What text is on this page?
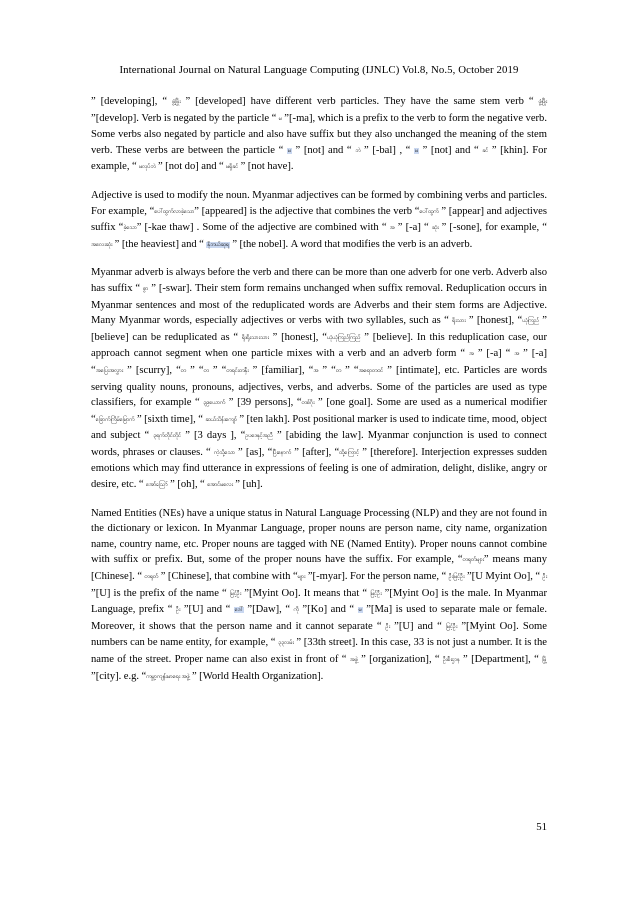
International Journal on Natural Language Computing (IJNLC) Vol.8, No.5, October 2019

” [developing], “ ဖွံ့ဖြိုး ” [developed] have different verb particles. They have the same stem verb “ ဖွံ့ဖြိုး ”[develop]. Verb is negated by the particle “ မ ”[-ma], which is a prefix to the verb to form the negative verb. Some verbs also negated by particle and also have suffix but they also unchanged the meaning of the stem verb. These verbs are between the particle “ မ ” [not] and “ ဘဲ ” [-bal] , “ မ ” [not] and “ ခင် ” [khin]. For example, “ မလုပ်ဘဲ ” [not do] and “ မရှိခင် ” [not have].

Adjective is used to modify the noun. Myanmar adjectives can be formed by combining verbs and particles. For example, “ပေါ်ထွက်လာခဲ့သော” [appeared] is the adjective that combines the verb “ပေါ်ထွက် ” [appear] and adjectives suffix “ခဲ့သော” [-kae thaw] . Some of the adjective are combined with “ အ ” [-a] “ ဆုံး ” [-sone], for example, “ အလေးဆုံး ” [the heaviest] and “ နိုဘယ်ဆုရ ” [the nobel]. A word that modifies the verb is an adverb.

Myanmar adverb is always before the verb and there can be more than one adverb for one verb. Adverb also has suffix “ စွာ ” [-swar]. Their stem form remains unchanged when suffix removal. Reduplication occurs in Myanmar sentences and most of the reduplicated words are Adverbs and their stem forms are Adjective. Many Myanmar words, especially adjectives or verbs with two syllables, such as “ ရိုးသား ” [honest], “ယုံကြည် ” [believe] can be reduplicated as “ ရိုးရိုးသားသား ” [honest], “ယုံယုံကြည်ကြည် ” [believe]. In this reduplication case, our approach cannot segment when one particle mixes with a verb and an adverb form “ အ ” [-a] “ အ ” [-a] “အပြေးအလွှား ” [scurry], “တ ” “တ ” “တရင်းတနှီး ” [familiar], “အ ” “တ ” “အရောတဝင် ” [intimate], etc. Particles are words serving quality nouns, pronouns, adjectives, verbs, and adverbs. Some of the particles are used as type classifiers, for example “ ၃၉ယောက် ” [39 persons], “တစ်ဂိုး ” [one goal]. Some are used as a numerical modifier “ခြောက်ကြိမ်မြောက် ” [sixth time], “ ဆယ်သိန်းကျော် ” [ten lakh]. Post positional marker is used to indicate time, mood, object and subject “ ၃ရက်တိုင်တိုင် ” [3 days ], “ဥပဒေနှင့်အညီ ” [abiding the law]. Myanmar conjunction is used to connect words, phrases or clauses. “ ကဲ့သို့သော ” [as], “ပြီးနောက် ” [after], “ထို့ကြောင့် ” [therefore]. Interjection expresses sudden emotions which may find utterance in expressions of feeling is one of admiration, delight, dislike, angry or desire, etc. “ အော်ဪ ” [oh], “ အောင်မလေး ” [uh].

Named Entities (NEs) have a unique status in Natural Language Processing (NLP) and they are not found in the dictionary or lexicon. In Myanmar Language, proper nouns are person name, city name, organization name, country name, etc. Proper nouns are tagged with NE (Named Entity). Proper nouns cannot combine with suffix or prefix. But, some of the proper nouns have the suffix. For example, “တရုတ်များ” means many [Chinese]. “ တရုတ် ” [Chinese], that combine with “များ ”[-myar]. For the person name, “ ဦးမြင့်ဦး ”[U Myint Oo], “ ဦး ”[U] is the prefix of the name “ မြင့်ဦး ”[Myint Oo]. It means that “ မြင့်ဦး ”[Myint Oo] is the male. In Myanmar Language, prefix “ ဦး ”[U] and “ ဒေါ် ”[Daw], “ ကို ”[Ko] and “ မ ”[Ma] is used to separate male or female. Moreover, it shows that the person name and it cannot separate “ ဦး ”[U] and “ မြင့်ဦး ”[Myint Oo]. Some numbers can be name entity, for example, “ ၃၃လမ်း ” [33th street]. In this case, 33 is not just a number. It is the name of the street. Proper name can also exist in front of “ အဖွဲ့ ” [organization], “ ဦးစီးဌာန ” [Department], “ မြို့ ”[city]. e.g. “ကမ္ဘာ့ကျန်းမာရေး အဖွဲ့ ” [World Health Organization].

51
